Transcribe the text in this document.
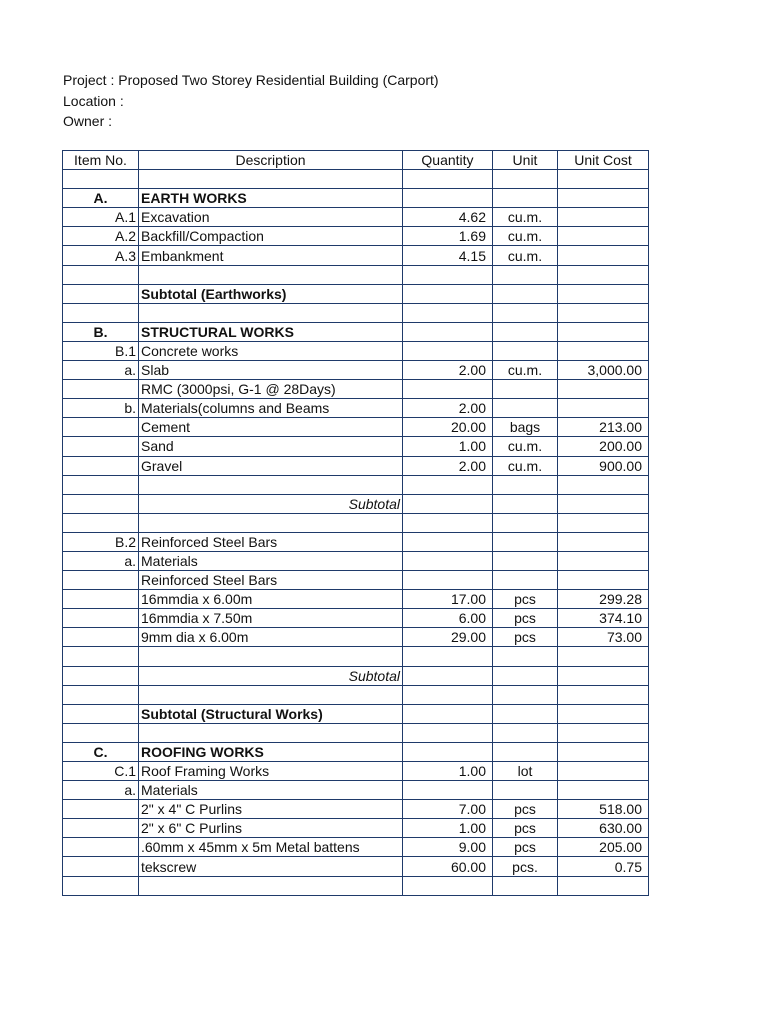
Project : Proposed Two Storey Residential Building (Carport)
Location :
Owner :
Item No.	Description	Quantity	Unit	Unit Cost

A.	EARTH WORKS			
A.1	Excavation	4.62	cu.m.	
A.2	Backfill/Compaction	1.69	cu.m.	
A.3	Embankment	4.15	cu.m.	

	Subtotal (Earthworks)			

B.	STRUCTURAL WORKS			
B.1	Concrete works			
a.	Slab	2.00	cu.m.	3,000.00
	RMC (3000psi, G-1 @ 28Days)			
b.	Materials(columns and Beams	2.00		
	Cement	20.00	bags	213.00
	Sand	1.00	cu.m.	200.00
	Gravel	2.00	cu.m.	900.00

	Subtotal			

B.2	Reinforced Steel Bars			
a.	Materials			
	Reinforced Steel Bars			
	16mmdia x 6.00m	17.00	pcs	299.28
	16mmdia x 7.50m	6.00	pcs	374.10
	9mm dia x 6.00m	29.00	pcs	73.00

	Subtotal			

	Subtotal (Structural Works)			

C.	ROOFING WORKS			
C.1	Roof Framing Works	1.00	lot	
a.	Materials			
	2" x 4" C Purlins	7.00	pcs	518.00
	2" x 6" C Purlins	1.00	pcs	630.00
	.60mm x 45mm x 5m Metal battens	9.00	pcs	205.00
	tekscrew	60.00	pcs.	0.75
